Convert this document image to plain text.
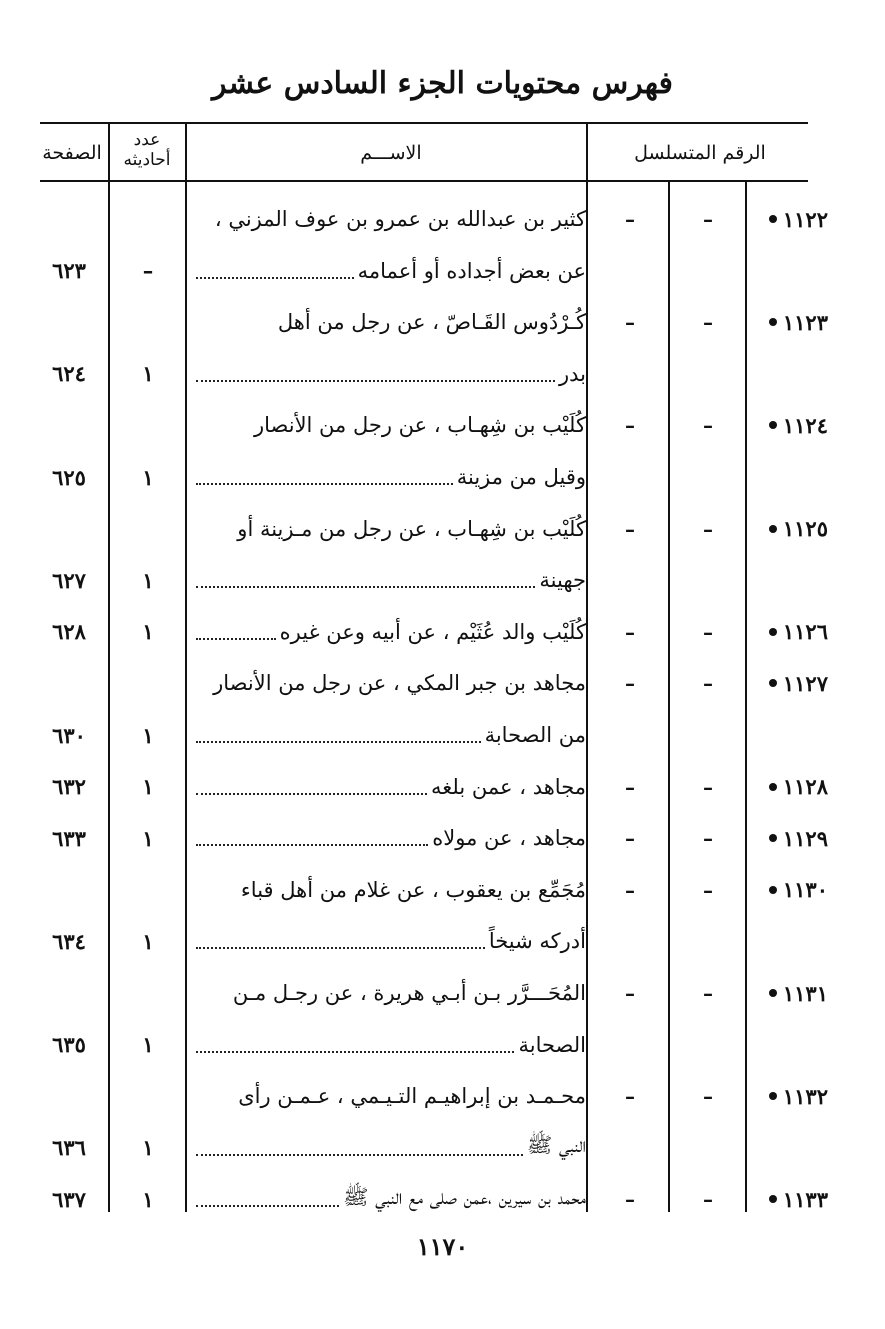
فهرس محتويات الجزء السادس عشر
الرقم المتسلسل
الاســـم
عدد أحاديثه
الصفحة
١١٢٢
–
–
كثير بن عبدالله بن عمرو بن عوف المزني ،
عن بعض أجداده أو أعمامه
–
٦٢٣
١١٢٣
–
–
كُـرْدُوس القَـاصّ ، عن رجل من أهل
بدر
١
٦٢٤
١١٢٤
–
–
كُلَيْب بن شِهـاب ، عن رجل من الأنصار
وقيل من مزينة
١
٦٢٥
١١٢٥
–
–
كُلَيْب بن شِهـاب ، عن رجل من مـزينة أو
جهينة
١
٦٢٧
١١٢٦
–
–
كُلَيْب والد عُثَيْم ، عن أبيه وعن غيره
١
٦٢٨
١١٢٧
–
–
مجاهد بن جبر المكي ، عن رجل من الأنصار
من الصحابة
١
٦٣٠
١١٢٨
–
–
مجاهد ، عمن بلغه
١
٦٣٢
١١٢٩
–
–
مجاهد ، عن مولاه
١
٦٣٣
١١٣٠
–
–
مُجَمِّع بن يعقوب ، عن غلام من أهل قباء
أدركه شيخاً
١
٦٣٤
١١٣١
–
–
المُحَـــرَّر بـن أبـي هريرة ، عن رجـل مـن
الصحابة
١
٦٣٥
١١٣٢
–
–
محـمـد بن إبراهيـم التـيـمي ، عـمـن رأى
النبي ﷺ
١
٦٣٦
١١٣٣
–
–
محمد بن سيرين ،عمن صلى مع النبي ﷺ
١
٦٣٧
١١٧٠
